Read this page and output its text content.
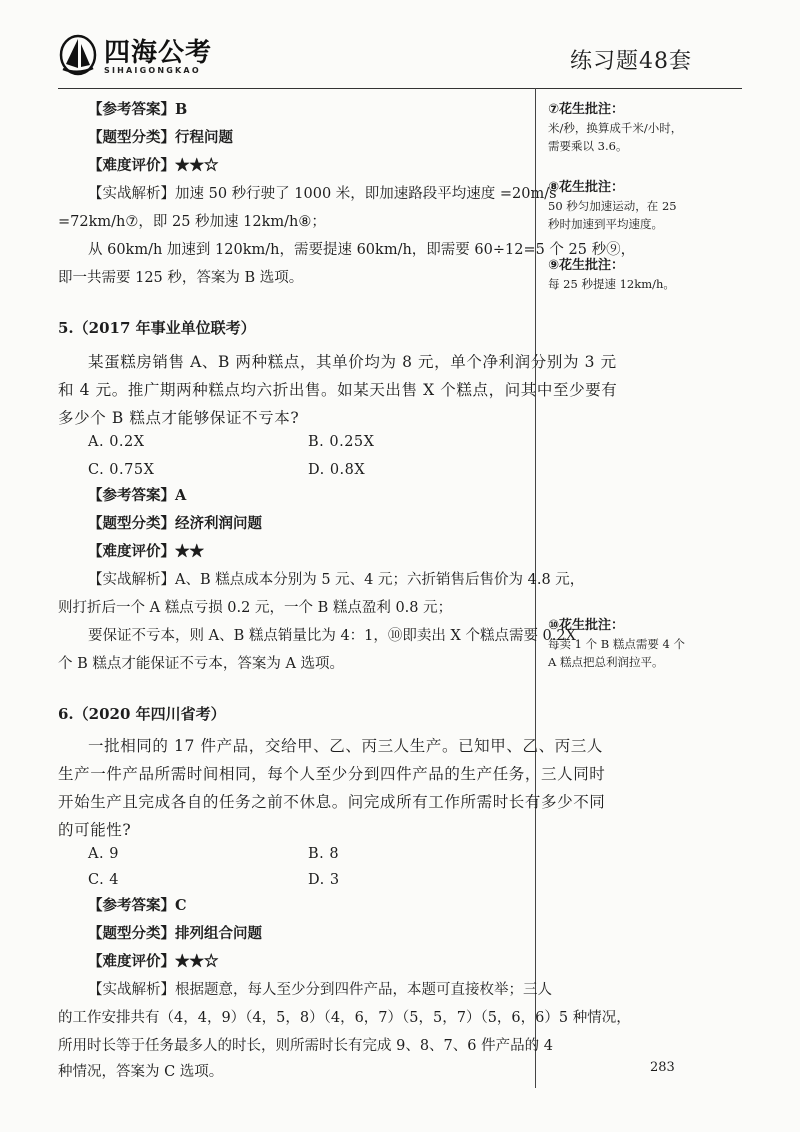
四海公考
SIHAIGONGKAO	练习题48套
【参考答案】B
【题型分类】行程问题
【难度评价】★★☆
【实战解析】加速 50 秒行驶了 1000 米，即加速路段平均速度 =20m/s
=72km/h⑦，即 25 秒加速 12km/h⑧；
从 60km/h 加速到 120km/h，需要提速 60km/h，即需要 60÷12=5 个 25 秒⑨，
即一共需要 125 秒，答案为 B 选项。
5.（2017 年事业单位联考）
某蛋糕房销售 A、B 两种糕点，其单价均为 8 元，单个净利润分别为 3 元
和 4 元。推广期两种糕点均六折出售。如某天出售 X 个糕点，问其中至少要有
多少个 B 糕点才能够保证不亏本?
A. 0.2X	B. 0.25X
C. 0.75X	D. 0.8X
【参考答案】A
【题型分类】经济利润问题
【难度评价】★★
【实战解析】A、B 糕点成本分别为 5 元、4 元；六折销售后售价为 4.8 元，
则打折后一个 A 糕点亏损 0.2 元，一个 B 糕点盈利 0.8 元；
要保证不亏本，则 A、B 糕点销量比为 4：1，⑩即卖出 X 个糕点需要 0.2X
个 B 糕点才能保证不亏本，答案为 A 选项。
6.（2020 年四川省考）
一批相同的 17 件产品，交给甲、乙、丙三人生产。已知甲、乙、丙三人
生产一件产品所需时间相同，每个人至少分到四件产品的生产任务，三人同时
开始生产且完成各自的任务之前不休息。问完成所有工作所需时长有多少不同
的可能性?
A. 9	B. 8
C. 4	D. 3
【参考答案】C
【题型分类】排列组合问题
【难度评价】★★☆
【实战解析】根据题意，每人至少分到四件产品，本题可直接枚举；三人
的工作安排共有（4，4，9）（4，5，8）（4，6，7）（5，5，7）（5，6，6）5 种情况，
所用时长等于任务最多人的时长，则所需时长有完成 9、8、7、6 件产品的 4
种情况，答案为 C 选项。
⑦花生批注：
米/秒，换算成千米/小时，
需要乘以 3.6。
⑧花生批注：
50 秒匀加速运动，在 25
秒时加速到平均速度。
⑨花生批注：
每 25 秒提速 12km/h。
⑩花生批注：
每卖 1 个 B 糕点需要 4 个
A 糕点把总利润拉平。
283
